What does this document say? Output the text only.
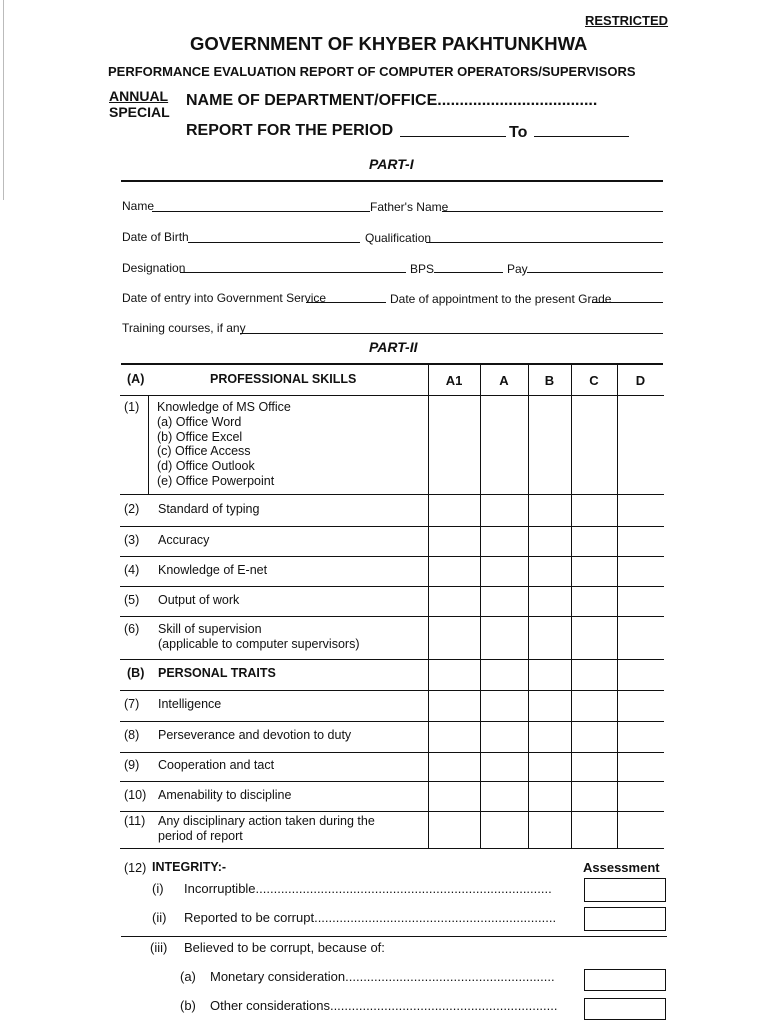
RESTRICTED
GOVERNMENT OF KHYBER PAKHTUNKHWA
PERFORMANCE EVALUATION REPORT OF COMPUTER OPERATORS/SUPERVISORS
ANNUAL
SPECIAL
NAME OF DEPARTMENT/OFFICE....................................
REPORT FOR THE PERIOD	To
PART-I
Name	Father's Name
Date of Birth	Qualification
Designation	BPS	Pay
Date of entry into Government Service	Date of appointment to the present Grade
Training courses, if any
PART-II
(A)	PROFESSIONAL SKILLS	A1	A	B	C	D
(1) Knowledge of MS Office
(a) Office Word
(b) Office Excel
(c) Office Access
(d) Office Outlook
(e) Office Powerpoint
(2) Standard of typing
(3) Accuracy
(4) Knowledge of E-net
(5) Output of work
(6) Skill of supervision
(applicable to computer supervisors)
(B) PERSONAL TRAITS
(7) Intelligence
(8) Perseverance and devotion to duty
(9) Cooperation and tact
(10) Amenability to discipline
(11) Any disciplinary action taken during the
period of report
(12) INTEGRITY:-	Assessment
(i) Incorruptible..................................................................................
(ii) Reported to be corrupt...................................................................
(iii) Believed to be corrupt, because of:
(a) Monetary consideration..........................................................
(b) Other considerations...............................................................
